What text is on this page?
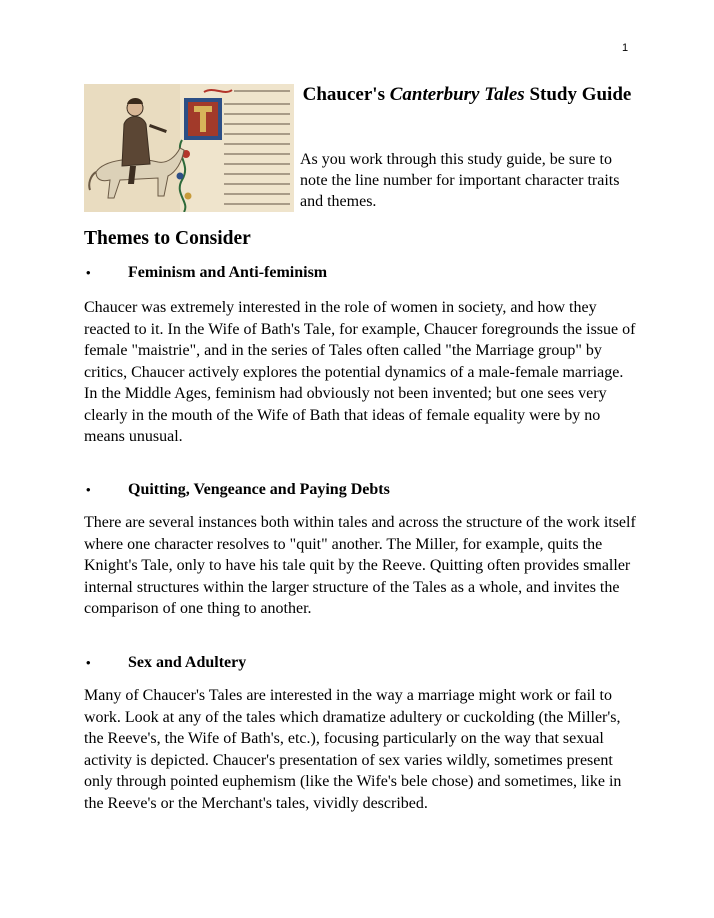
1
Chaucer's Canterbury Tales Study Guide
As you work through this study guide, be sure to note the line number for important character traits and themes.
Themes to Consider
•	Feminism and Anti-feminism
Chaucer was extremely interested in the role of women in society, and how they reacted to it. In the Wife of Bath's Tale, for example, Chaucer foregrounds the issue of female "maistrie", and in the series of Tales often called "the Marriage group" by critics, Chaucer actively explores the potential dynamics of a male-female marriage. In the Middle Ages, feminism had obviously not been invented; but one sees very clearly in the mouth of the Wife of Bath that ideas of female equality were by no means unusual.
•	Quitting, Vengeance and Paying Debts
There are several instances both within tales and across the structure of the work itself where one character resolves to "quit" another. The Miller, for example, quits the Knight's Tale, only to have his tale quit by the Reeve. Quitting often provides smaller internal structures within the larger structure of the Tales as a whole, and invites the comparison of one thing to another.
•	Sex and Adultery
Many of Chaucer's Tales are interested in the way a marriage might work or fail to work. Look at any of the tales which dramatize adultery or cuckolding (the Miller's, the Reeve's, the Wife of Bath's, etc.), focusing particularly on the way that sexual activity is depicted. Chaucer's presentation of sex varies wildly, sometimes present only through pointed euphemism (like the Wife's bele chose) and sometimes, like in the Reeve's or the Merchant's tales, vividly described.
